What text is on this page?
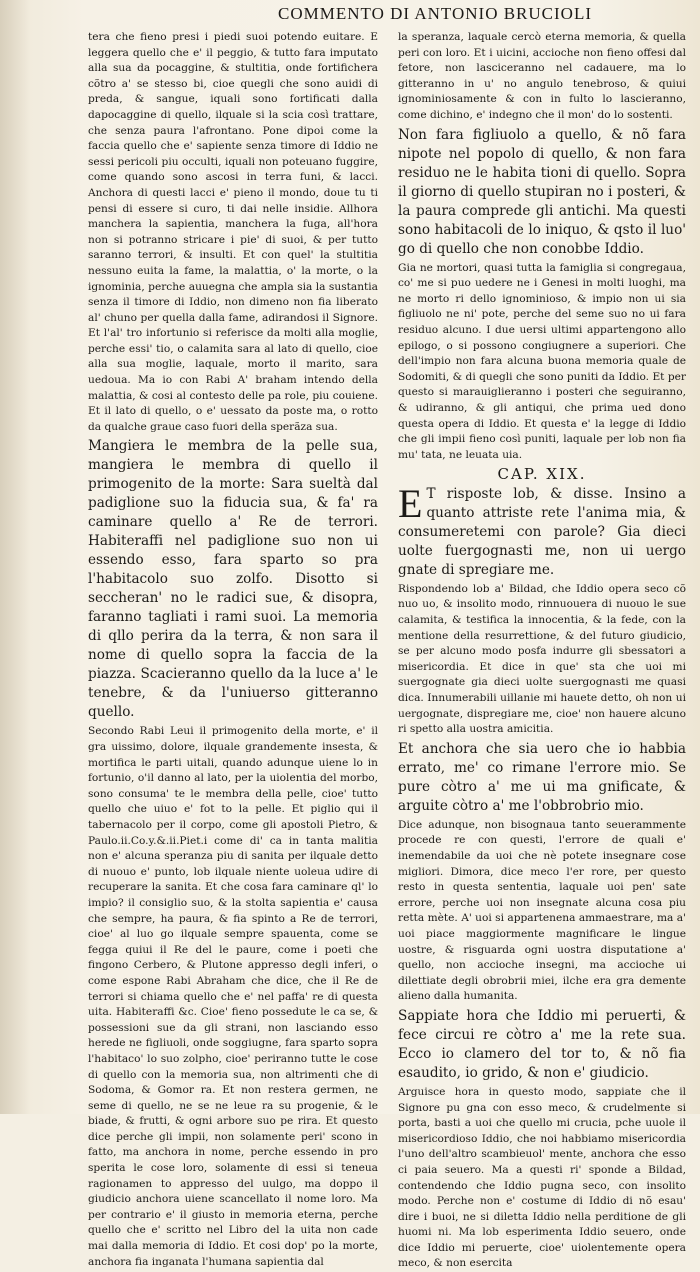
COMMENTO DI ANTONIO BRUCIOLI

tera che fieno presi i piedi suoi potendo euitare. E leggera quello che e' il peggio, & tutto fara imputato alla sua da pocaggine, & stultitia, onde fortifichera cõtro a' se stesso bi, cioe quegli che sono auidi di preda, & sangue, iquali sono fortificati dalla dapocaggine di quello, ilquale si la scia così trattare, che senza paura l'afrontano. Pone dipoi come la faccia quello che e' sapiente senza timore di Iddio ne sessi pericoli piu occulti, iquali non poteuano fuggire, come quando sono ascosi in terra funi, & lacci. Anchora di questi lacci e' pieno il mondo, doue tu ti pensi di essere si curo, ti dai nelle insidie. Allhora manchera la sapientia, manchera la fuga, all'hora non si potranno stricare i pie' di suoi, & per tutto saranno terrori, & insulti. Et con quel' la stultitia nessuno euita la fame, la malattia, o' la morte, o la ignominia, perche auuegna che ampla sia la sustantia senza il timore di Iddio, non dimeno non fia liberato al' chuno per quella dalla fame, adirandosi il Signore. Et l'al' tro infortunio si referisce da molti alla moglie, perche essi' tio, o calamita sara al lato di quello, cioe alla sua moglie, laquale, morto il marito, sara uedoua. Ma io con Rabi A' braham intendo della malattia, & cosi al contesto delle pa role, piu couiene. Et il lato di quello, o e' uessato da poste ma, o rotto da qualche graue caso fuori della sperãza sua.

Mangiera le membra de la pelle sua, mangiera le membra di quello il primogenito de la morte: Sara sueltà dal padiglione suo la fiducia sua, & fa' ra caminare quello a' Re de terrori. Habiteraffi nel padiglione suo non ui essendo esso, fara sparto so pra l'habitacolo suo zolfo. Disotto si seccheran' no le radici sue, & disopra, faranno tagliati i rami suoi. La memoria di qllo perira da la terra, & non sara il nome di quello sopra la faccia de la piazza. Scacieranno quello da la luce a' le tenebre, & da l'uniuerso gitteranno quello.

Secondo Rabi Leui il primogenito della morte, e' il gra uissimo, dolore, ilquale grandemente insesta, & mortifica le parti uitali, quando adunque uiene lo in fortunio, o'il danno al lato, per la uiolentia del morbo, sono consuma' te le membra della pelle, cioe' tutto quello che uiuo e' fot to la pelle. Et piglio qui il tabernacolo per il corpo, come gli apostoli Pietro, & Paulo.ii.Co.y.&.ii.Piet.i come di' ca in tanta malitia non e' alcuna speranza piu di sanita per ilquale detto di nuouo e' punto, lob ilquale niente uoleua udire di recuperare la sanita. Et che cosa fara caminare ql' lo impio? il consiglio suo, & la stolta sapientia e' causa che sempre, ha paura, & fia spinto a Re de terrori, cioe' al luo go ilquale sempre spauenta, come se fegga quiui il Re del le paure, come i poeti che fingono Cerbero, & Plutone appresso degli inferi, o come espone Rabi Abraham che dice, che il Re de terrori si chiama quello che e' nel paffa' re di questa uita. Habiteraffi &c. Cioe' fieno possedute le ca se, & possessioni sue da gli strani, non lasciando esso herede ne figliuoli, onde soggiugne, fara sparto sopra l'habitaco' lo suo zolpho, cioe' periranno tutte le cose di quello con la memoria sua, non altrimenti che di Sodoma, & Gomor ra. Et non restera germen, ne seme di quello, ne se ne leue ra su progenie, & le biade, & frutti, & ogni arbore suo pe rira. Et questo dice perche gli impii, non solamente peri' scono in fatto, ma anchora in nome, perche essendo in pro sperita le cose loro, solamente di essi si teneua ragionamen to appresso del uulgo, ma doppo il giudicio anchora uiene scancellato il nome loro. Ma per contrario e' il giusto in memoria eterna, perche quello che e' scritto nel Libro del la uita non cade mai dalla memoria di Iddio. Et cosi dop' po la morte, anchora fia inganata l'humana sapientia dal

la speranza, laquale cercò eterna memoria, & quella peri con loro. Et i uicini, accioche non fieno offesi dal fetore, non lasciceranno nel cadauere, ma lo gitteranno in u' no angulo tenebroso, & quiui ignominiosamente & con in fulto lo lascieranno, come dichino, e' indegno che il mon' do lo sostenti.

Non fara figliuolo a quello, & nõ fara nipote nel popolo di quello, & non fara residuo ne le habita tioni di quello. Sopra il giorno di quello stupiran no i posteri, & la paura comprede gli antichi. Ma questi sono habitacoli de lo iniquo, & qsto il luo' go di quello che non conobbe Iddio.

Gia ne mortori, quasi tutta la famiglia si congregaua, co' me si puo uedere ne i Genesi in molti luoghi, ma ne morto ri dello ignominioso, & impio non ui sia figliuolo ne ni' pote, perche del seme suo no ui fara residuo alcuno. I due uersi ultimi appartengono allo epilogo, o si possono congiugnere a superiori. Che dell'impio non fara alcuna buona memoria quale de Sodomiti, & di quegli che sono puniti da Iddio. Et per questo si marauiglieranno i posteri che seguiranno, & udiranno, & gli antiqui, che prima ued dono questa opera di Iddio. Et questa e' la legge di Iddio che gli impii fieno così puniti, laquale per lob non fia mu' tata, ne leuata uia.

CAP. XIX.

E T risposte lob, & disse. Insino a quanto attriste rete l'anima mia, & consumeretemi con parole? Gia dieci uolte fuergognasti me, non ui uergo gnate di spregiare me.

Rispondendo lob a' Bildad, che Iddio opera seco cõ nuo uo, & insolito modo, rinnuouera di nuouo le sue calamita, & testifica la innocentia, & la fede, con la mentione della resurrettione, & del futuro giudicio, se per alcuno modo posfa indurre gli sbessatori a misericordia. Et dice in que' sta che uoi mi suergognate gia dieci uolte suergognasti me quasi dica. Innumerabili uillanie mi hauete detto, oh non ui uergognate, dispregiare me, cioe' non hauere alcuno ri spetto alla uostra amicitia.

Et anchora che sia uero che io habbia errato, me' co rimane l'errore mio. Se pure còtro a' me ui ma gnificate, & arguite còtro a' me l'obbrobrio mio.

Dice adunque, non bisognaua tanto seuerammente procede re con questi, l'errore de quali e' inemendabile da uoi che nè potete insegnare cose migliori. Dimora, dice meco l'er rore, per questo resto in questa sententia, laquale uoi pen' sate errore, perche uoi non insegnate alcuna cosa piu retta mète. A' uoi si appartenena ammaestrare, ma a' uoi piace maggiormente magnificare le lingue uostre, & risguarda ogni uostra disputatione a' quello, non accioche insegni, ma accioche ui dilettiate degli obrobrii miei, ilche era gra demente alieno dalla humanita.

Sappiate hora che Iddio mi peruerti, & fece circui re còtro a' me la rete sua. Ecco io clamero del tor to, & nõ fia esaudito, io grido, & non e' giudicio.

Arguisce hora in questo modo, sappiate che il Signore pu gna con esso meco, & crudelmente si porta, basti a uoi che quello mi crucia, pche uuole il misericordioso Iddio, che noi habbiamo misericordia l'uno dell'altro scambieuol' mente, anchora che esso ci paia seuero. Ma a questi ri' sponde a Bildad, contendendo che Iddio pugna seco, con insolito modo. Perche non e' costume di Iddio di nõ esau' dire i buoi, ne si diletta Iddio nella perditione de gli huomi ni. Ma lob esperimenta Iddio seuero, onde dice Iddio mi peruerte, cioe' uiolentemente opera meco, & non esercita
